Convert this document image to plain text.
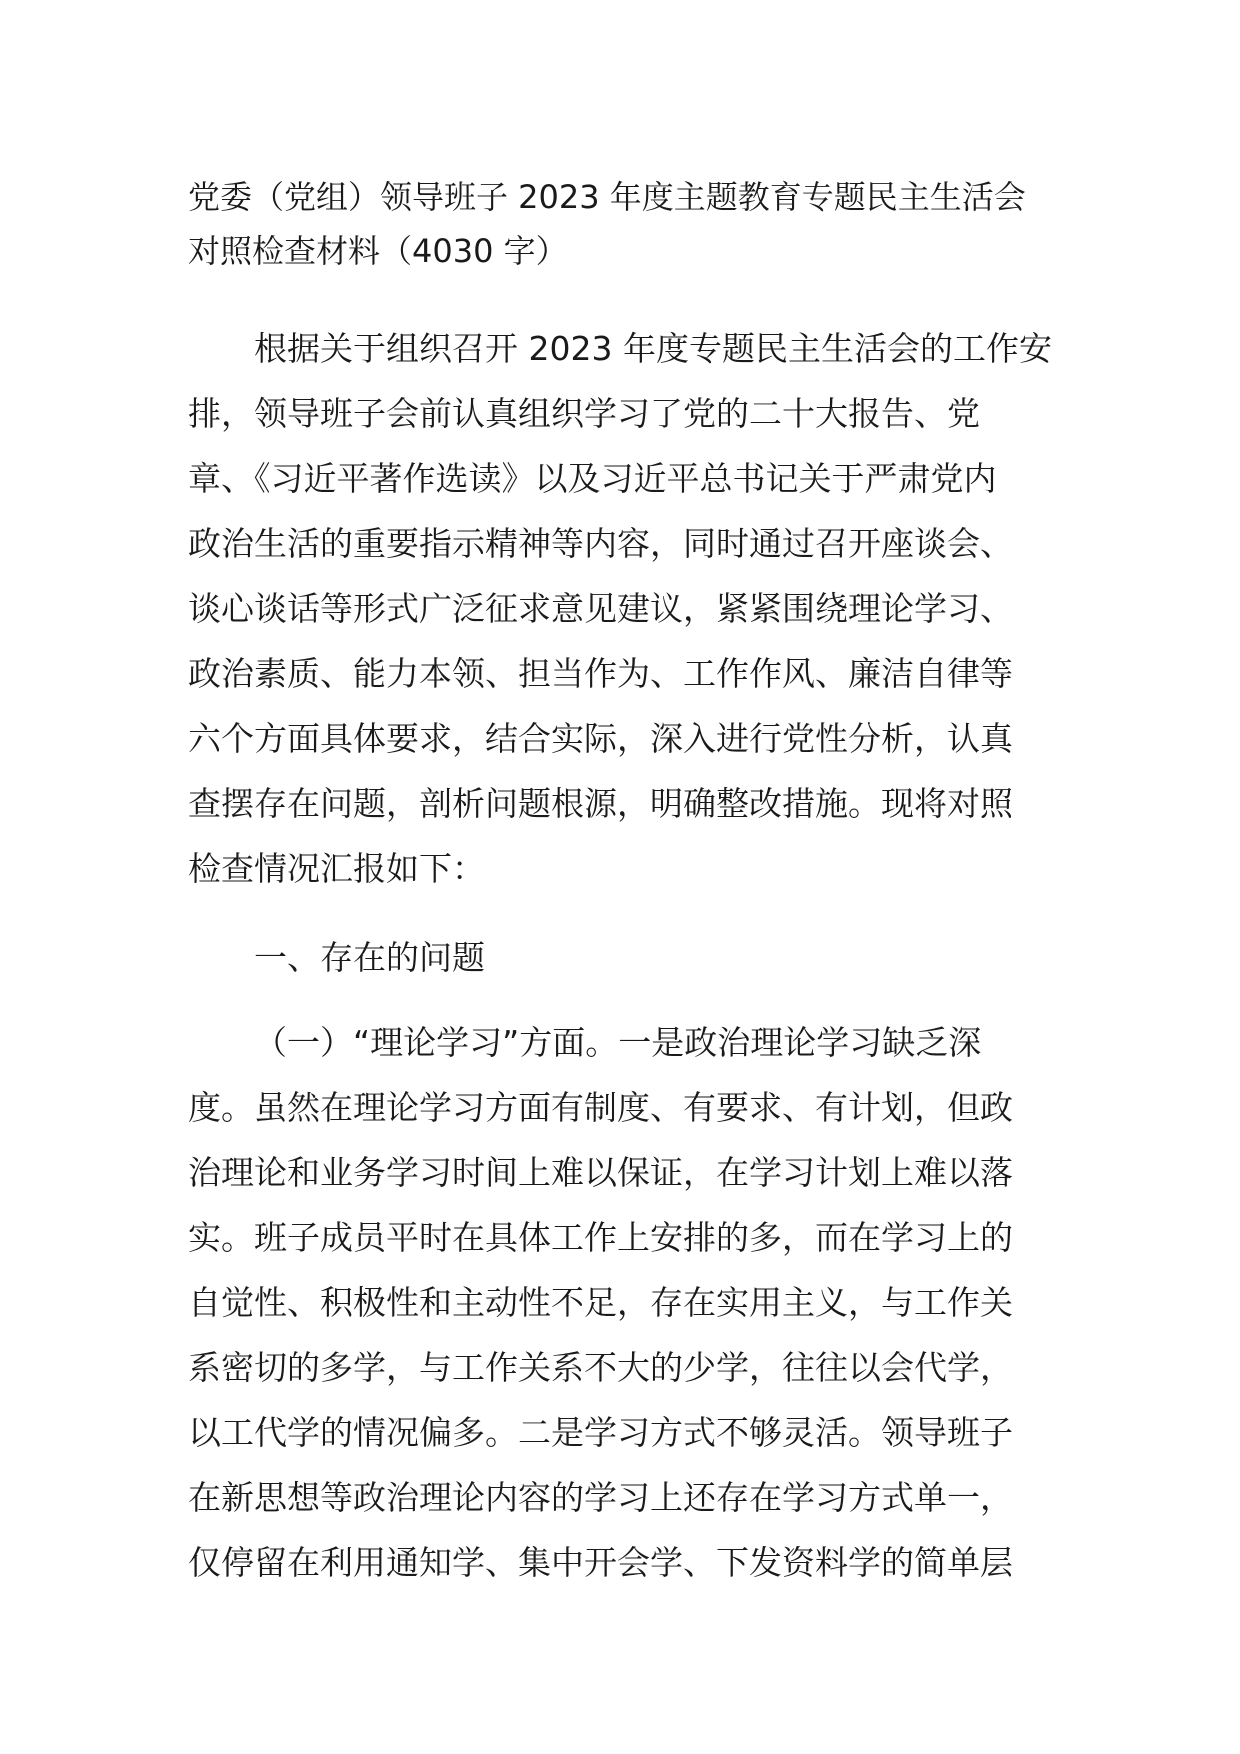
党委（党组）领导班子 2023 年度主题教育专题民主生活会
对照检查材料（4030 字）
根据关于组织召开 2023 年度专题民主生活会的工作安
排，领导班子会前认真组织学习了党的二十大报告、党
章、《习近平著作选读》以及习近平总书记关于严肃党内
政治生活的重要指示精神等内容，同时通过召开座谈会、
谈心谈话等形式广泛征求意见建议，紧紧围绕理论学习、
政治素质、能力本领、担当作为、工作作风、廉洁自律等
六个方面具体要求，结合实际，深入进行党性分析，认真
查摆存在问题，剖析问题根源，明确整改措施。现将对照
检查情况汇报如下：
一、存在的问题
（一）“理论学习”方面。一是政治理论学习缺乏深
度。虽然在理论学习方面有制度、有要求、有计划，但政
治理论和业务学习时间上难以保证，在学习计划上难以落
实。班子成员平时在具体工作上安排的多，而在学习上的
自觉性、积极性和主动性不足，存在实用主义，与工作关
系密切的多学，与工作关系不大的少学，往往以会代学，
以工代学的情况偏多。二是学习方式不够灵活。领导班子
在新思想等政治理论内容的学习上还存在学习方式单一，
仅停留在利用通知学、集中开会学、下发资料学的简单层
